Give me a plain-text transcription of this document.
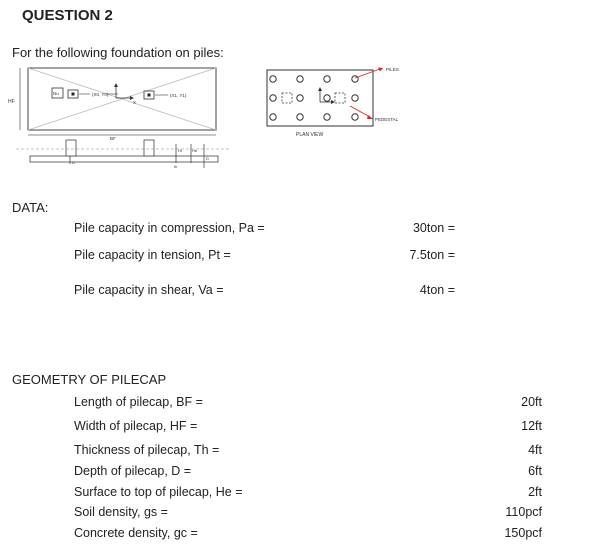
QUESTION 2
For the following foundation on piles:
HF
Nu	(X0, Y0)
X
(X1, Y1)
BF
D
Hl	He
D
th
PILES
PEDESTAL
PLAN VIEW
DATA:
Pile capacity in compression, Pa =	30ton =
Pile capacity in tension, Pt =	7.5ton =
Pile capacity in shear, Va =	4ton =
GEOMETRY OF PILECAP
Length of pilecap, BF =	20ft
Width of pilecap, HF =	12ft
Thickness of pilecap, Th =	4ft
Depth of pilecap, D =	6ft
Surface to top of pilecap, He =	2ft
Soil density, gs =	110pcf
Concrete density, gc =	150pcf
